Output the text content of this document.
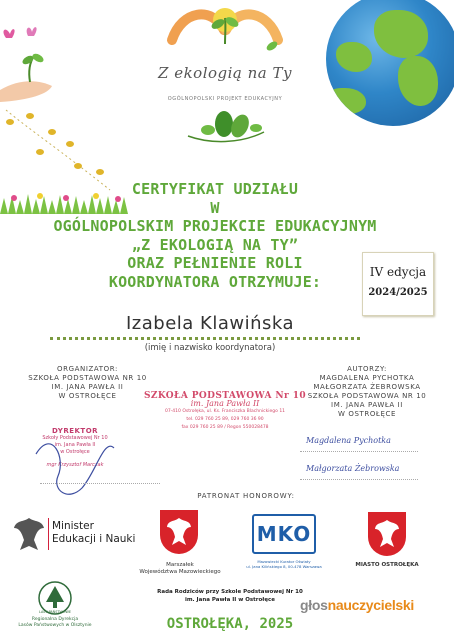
Z ekologią na Ty
OGÓLNOPOLSKI PROJEKT EDUKACYJNY
CERTYFIKAT UDZIAŁU
W
OGÓLNOPOLSKIM PROJEKCIE EDUKACYJNYM
„Z EKOLOGIĄ NA TY”
ORAZ PEŁNIENIE ROLI
KOORDYNATORA OTRZYMUJE:
IV edycja
2024/2025
Izabela Klawińska
(imię i nazwisko koordynatora)
ORGANIZATOR:
SZKOŁA PODSTAWOWA NR 10
IM. JANA PAWŁA II
W OSTROŁĘCE
AUTORZY:
MAGDALENA PYCHOTKA
MAŁGORZATA ŻEBROWSKA
SZKOŁA PODSTAWOWA NR 10
IM. JANA PAWŁA II
W OSTROŁĘCE
SZKOŁA PODSTAWOWA Nr 10
im. Jana Pawła II
07-410 Ostrołęka, ul. Ks. Franciszka Blachnickiego 11
tel. 029 760 25 89, 029 760 36 90
fax 029 760 25 89 / Regon 550028478
DYREKTOR
Szkoły Podstawowej Nr 10
im. Jana Pawła II
w Ostrołęce
mgr Krzysztof Marczak
Magdalena Pychotka
Małgorzata Żebrowska
PATRONAT HONOROWY:
Minister
Edukacji i Nauki
Marszałek
Województwa Mazowieckiego
MKO
Mazowiecki Kurator Oświaty
ul. Jana Kilińskiego 8, 00-478 Warszawa	MIASTO OSTROŁĘKA
LASY PAŃSTWOWE
Regionalna Dyrekcja
Lasów Państwowych w Olsztynie
Rada Rodziców przy Szkole Podstawowej Nr 10
im. Jana Pawła II w Ostrołęce	głosnauczycielski
OSTROŁĘKA, 2025
